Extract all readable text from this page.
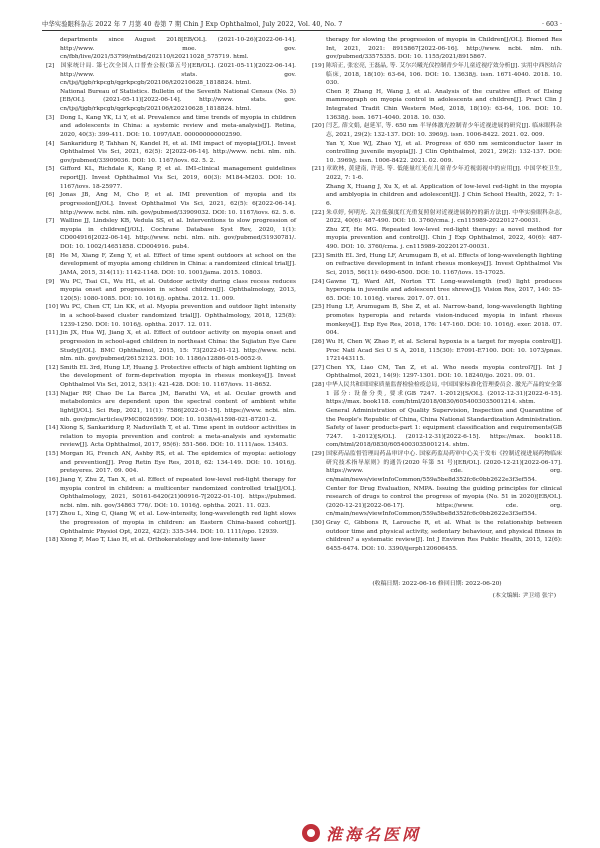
中华实验眼科杂志 2022 年 7 月第 40 卷第 7 期 Chin J Exp Ophthalmol, July 2022, Vol. 40, No. 7	· 603 ·

departments since August 2018[EB/OL]. (2021-10-26)[2022-06-14]. http://www. moe. gov. cn/fbh/live/2021/53799/mtbd/202110/t20211028_575719. html.

[2] 国家统计局. 第七次全国人口普查公报(第五号)[EB/OL]. (2021-05-11)[2022-06-14]. http://www. stats. gov. cn/tjsj/tjgb/rkpcgb/qgrkpcgb/202106/t20210628_1818824. html.

National Bureau of Statistics. Bulletin of the Seventh National Census (No. 5)[EB/OL]. (2021-05-11)[2022-06-14]. http://www. stats. gov. cn/tjsj/tjgb/rkpcgb/qgrkpcgb/202106/t20210628_1818824. html.

[3] Dong L, Kang YK, Li Y, et al. Prevalence and time trends of myopia in children and adolescents in China: a systemic review and meta-analysis[J]. Retina, 2020, 40(3): 399-411. DOI: 10. 1097/IAE. 000000000002590.

[4] Sankaridurg P, Tahhan N, Kandel H, et al. IMI impact of myopia[J/OL]. Invest Ophthalmol Vis Sci, 2021, 62(5): 2[2022-06-14]. http://www. ncbi. nlm. nih. gov/pubmed/33909036. DOI: 10. 1167/iovs. 62. 5. 2.

[5] Gifford KL, Richdale K, Kang P, et al. IMI-clinical management guidelines report[J]. Invest Ophthalmol Vis Sci, 2019, 60(3): M184-M203. DOI: 10. 1167/iovs. 18-25977.

[6] Jonas JB, Ang M, Cho P, et al. IMI prevention of myopia and its progression[J/OL]. Invest Ophthalmol Vis Sci, 2021, 62(5): 6[2022-06-14]. http://www. ncbi. nlm. nih. gov/pubmed/33909032. DOI: 10. 1167/iovs. 62. 5. 6.

[7] Walline JJ, Lindsley KB, Vedula SS, et al. Interventions to slow progression of myopia in children[J/OL]. Cochrane Database Syst Rev, 2020, 1(1): CD004916[2022-06-14]. http://www. ncbi. nlm. nih. gov/pubmed/31930781/. DOI: 10. 1002/14651858. CD004916. pub4.

[8] He M, Xiang F, Zeng Y, et al. Effect of time spent outdoors at school on the development of myopia among children in China: a randomized clinical trial[J]. JAMA, 2015, 314(11): 1142-1148. DOI: 10. 1001/jama. 2015. 10803.

[9] Wu PC, Tsai CL, Wu HL, et al. Outdoor activity during class recess reduces myopia onset and progression in school children[J]. Ophthalmology, 2013, 120(5): 1080-1085. DOI: 10. 1016/j. ophtha. 2012. 11. 009.

[10] Wu PC, Chen CT, Lin KK, et al. Myopia prevention and outdoor light intensity in a school-based cluster randomized trial[J]. Ophthalmology, 2018, 125(8): 1239-1250. DOI: 10. 1016/j. ophtha. 2017. 12. 011.

[11] Jin JX, Hua WJ, Jiang X, et al. Effect of outdoor activity on myopia onset and progression in school-aged children in northeast China: the Sujiatun Eye Care Study[J/OL]. BMC Ophthalmol, 2015, 15: 73[2022-01-12]. http://www. ncbi. nlm. nih. gov/pubmed/26152123. DOI: 10. 1186/s12886-015-0052-9.

[12] Smith EL 3rd, Hung LF, Huang J. Protective effects of high ambient lighting on the development of form-deprivation myopia in rhesus monkeys[J]. Invest Ophthalmol Vis Sci, 2012, 53(1): 421-428. DOI: 10. 1167/iovs. 11-8652.

[13] Najjar RP, Chao De La Barca JM, Barathi VA, et al. Ocular growth and metabolomics are dependent upon the spectral content of ambient white light[J/OL]. Sci Rep, 2021, 11(1): 7586[2022-01-15]. https://www. ncbi. nlm. nih. gov/pmc/articles/PMC8026599/. DOI: 10. 1038/s41598-021-87201-2.

[14] Xiong S, Sankaridurg P, Naduvilath T, et al. Time spent in outdoor activities in relation to myopia prevention and control: a meta-analysis and systematic review[J]. Acta Ophthalmol, 2017, 95(6): 551-566. DOI: 10. 1111/aos. 13403.

[15] Morgan IG, French AN, Ashby RS, et al. The epidemics of myopia: aetiology and prevention[J]. Prog Retin Eye Res, 2018, 62: 134-149. DOI: 10. 1016/j. preteyeres. 2017. 09. 004.

[16] Jiang Y, Zhu Z, Tan X, et al. Effect of repeated low-level red-light therapy for myopia control in children: a multicenter randomized controlled trial[J/OL]. Ophthalmology, 2021, S0161-6420(21)00916-7[2022-01-10]. https://pubmed. ncbi. nlm. nih. gov/34863 776/. DOI: 10. 1016/j. ophtha. 2021. 11. 023.

[17] Zhou L, Xing C, Qiang W, et al. Low-intensity, long-wavelength red light slows the progression of myopia in children: an Eastern China-based cohort[J]. Ophthalmic Physiol Opt, 2022, 42(2): 335-344. DOI: 10. 1111/opo. 12939.

[18] Xiong F, Mao T, Liao H, et al. Orthokeratology and low-intensity laser

therapy for slowing the progression of myopia in Children[J/OL]. Biomed Res Int, 2021, 2021: 8915867[2022-06-16]. http://www. ncbi. nlm. nih. gov/pubmed/33575355. DOI: 10. 1155/2021/8915867.

[19] 陈培正, 张宏亮, 王磊晶, 等. 艾尔兴曦光仪控制青少年儿童近视疗效分析[J]. 实用中西医结合临床, 2018, 18(10): 63-64, 106. DOI: 10. 13638/j. issn. 1671-4040. 2018. 10. 030.

Chen P, Zhang H, Wang J, et al. Analysis of the curative effect of Elsing mammograph on myopia control in adolescents and children[J]. Pract Clin J Integrated Tradit Chin Western Med, 2018, 18(10): 63-64, 106. DOI: 10. 13638/j. issn. 1671-4040. 2018. 10. 030.

[20] 闫艺, 薛文娟, 赵延军, 等. 650 nm 半导体激光控制青少年近视进展的研究[J]. 临床眼科杂志, 2021, 29(2): 132-137. DOI: 10. 3969/j. issn. 1006-8422. 2021. 02. 009.

Yan Y, Xue WJ, Zhao YJ, et al. Progress of 650 nm semiconductor laser in controlling juvenile myopia[J]. J Clin Ophthalmol, 2021, 29(2): 132-137. DOI: 10. 3969/j. issn. 1006-8422. 2021. 02. 009.

[21] 章欧林, 黄建南, 许迅. 等. 低能量红光在儿童青少年近视弱视中的应用[J]. 中国学校卫生, 2022, 7: 1-6.

Zhang X, Huang J, Xu X, et al. Application of low-level red-light in the myopia and amblyopia in children and adolescent[J]. J Chin School Health, 2022, 7: 1-6.

[22] 朱卓婷, 何明光. 关注低强度红光重复照射对近视进展防控的新方法[J]. 中华实验眼科杂志, 2022, 40(6): 487-490. DOI: 10. 3760/cma. j. cn115989-20220127-00031.

Zhu ZT, He MG. Repeated low-level red-light therapy: a novel method for myopia prevention and control[J]. Chin J Exp Ophthalmol, 2022, 40(6): 487-490. DOI: 10. 3760/cma. j. cn115989-20220127-00031.

[23] Smith EL 3rd, Hung LF, Arumugam B, et al. Effects of long-wavelength lighting on refractive development in infant rhesus monkeys[J]. Invest Ophthalmol Vis Sci, 2015, 56(11): 6490-6500. DOI: 10. 1167/iovs. 15-17025.

[24] Gawne TJ, Ward AH, Norton TT. Long-wavelength (red) light produces hyperopia in juvenile and adolescent tree shrews[J]. Vision Res, 2017, 140: 55-65. DOI: 10. 1016/j. visres. 2017. 07. 011.

[25] Hung LF, Arumugam B, She Z, et al. Narrow-band, long-wavelength lighting promotes hyperopia and retards vision-induced myopia in infant rhesus monkeys[J]. Exp Eye Res, 2018, 176: 147-160. DOI: 10. 1016/j. exer. 2018. 07. 004.

[26] Wu H, Chen W, Zhao F, et al. Scleral hypoxia is a target for myopia control[J]. Proc Natl Acad Sci U S A, 2018, 115(30): E7091-E7100. DOI: 10. 1073/pnas. 1721443115.

[27] Chen YX, Liao CM, Tan Z, et al. Who needs myopia control?[J]. Int J Ophthalmol, 2021, 14(9): 1297-1301. DOI: 10. 18240/ijo. 2021. 09. 01.

[28] 中华人民共和国国家质量监督检验检疫总局, 中国国家标准化管理委员会. 激光产品的安全第 1 部分: 设备分类, 要求(GB 7247. 1-2012)[S/OL]. (2012-12-31)[2022-6-15]. https://max. book118. com/html/2018/0830/6054003035001214. shtm.

General Administration of Quality Supervision, Inspection and Quarantine of the People's Republic of China, China National Standardization Administration. Safety of laser products-part 1: equipment classification and requirements(GB 7247. 1-2012)[S/OL]. (2012-12-31)[2022-6-15]. https://max. book118. com/html/2018/0830/6054003035001214. shtm.

[29] 国家药品监督管理局药品审评中心. 国家药监局药审中心关于发布《控制近视进展药物临床研究技术指导原则》的通告(2020 年第 51 号)[EB/OL]. (2020-12-21)[2022-06-17]. https://www. cde. org. cn/main/news/viewInfoCommon/559a5be8d352fc6c0bb2622e3f3ef554.

Center for Drug Evaluation, NMPA. Issuing the guiding principles for clinical research of drugs to control the progress of myopia (No. 51 in 2020)[EB/OL]. (2020-12-21)[2022-06-17]. https://www. cde. org. cn/main/news/viewInfoCommon/559a5be8d352fc6c0bb2622e3f3ef554.

[30] Gray C, Gibbons R, Larouche R, et al. What is the relationship between outdoor time and physical activity, sedentary behaviour, and physical fitness in children? a systematic review[J]. Int J Environ Res Public Health, 2015, 12(6): 6455-6474. DOI: 10. 3390/ijerph120606455.

(收稿日期: 2022-06-16 修回日期: 2022-06-20)
(本文编辑: 尹卫靖 张宇)
淮海名医网
